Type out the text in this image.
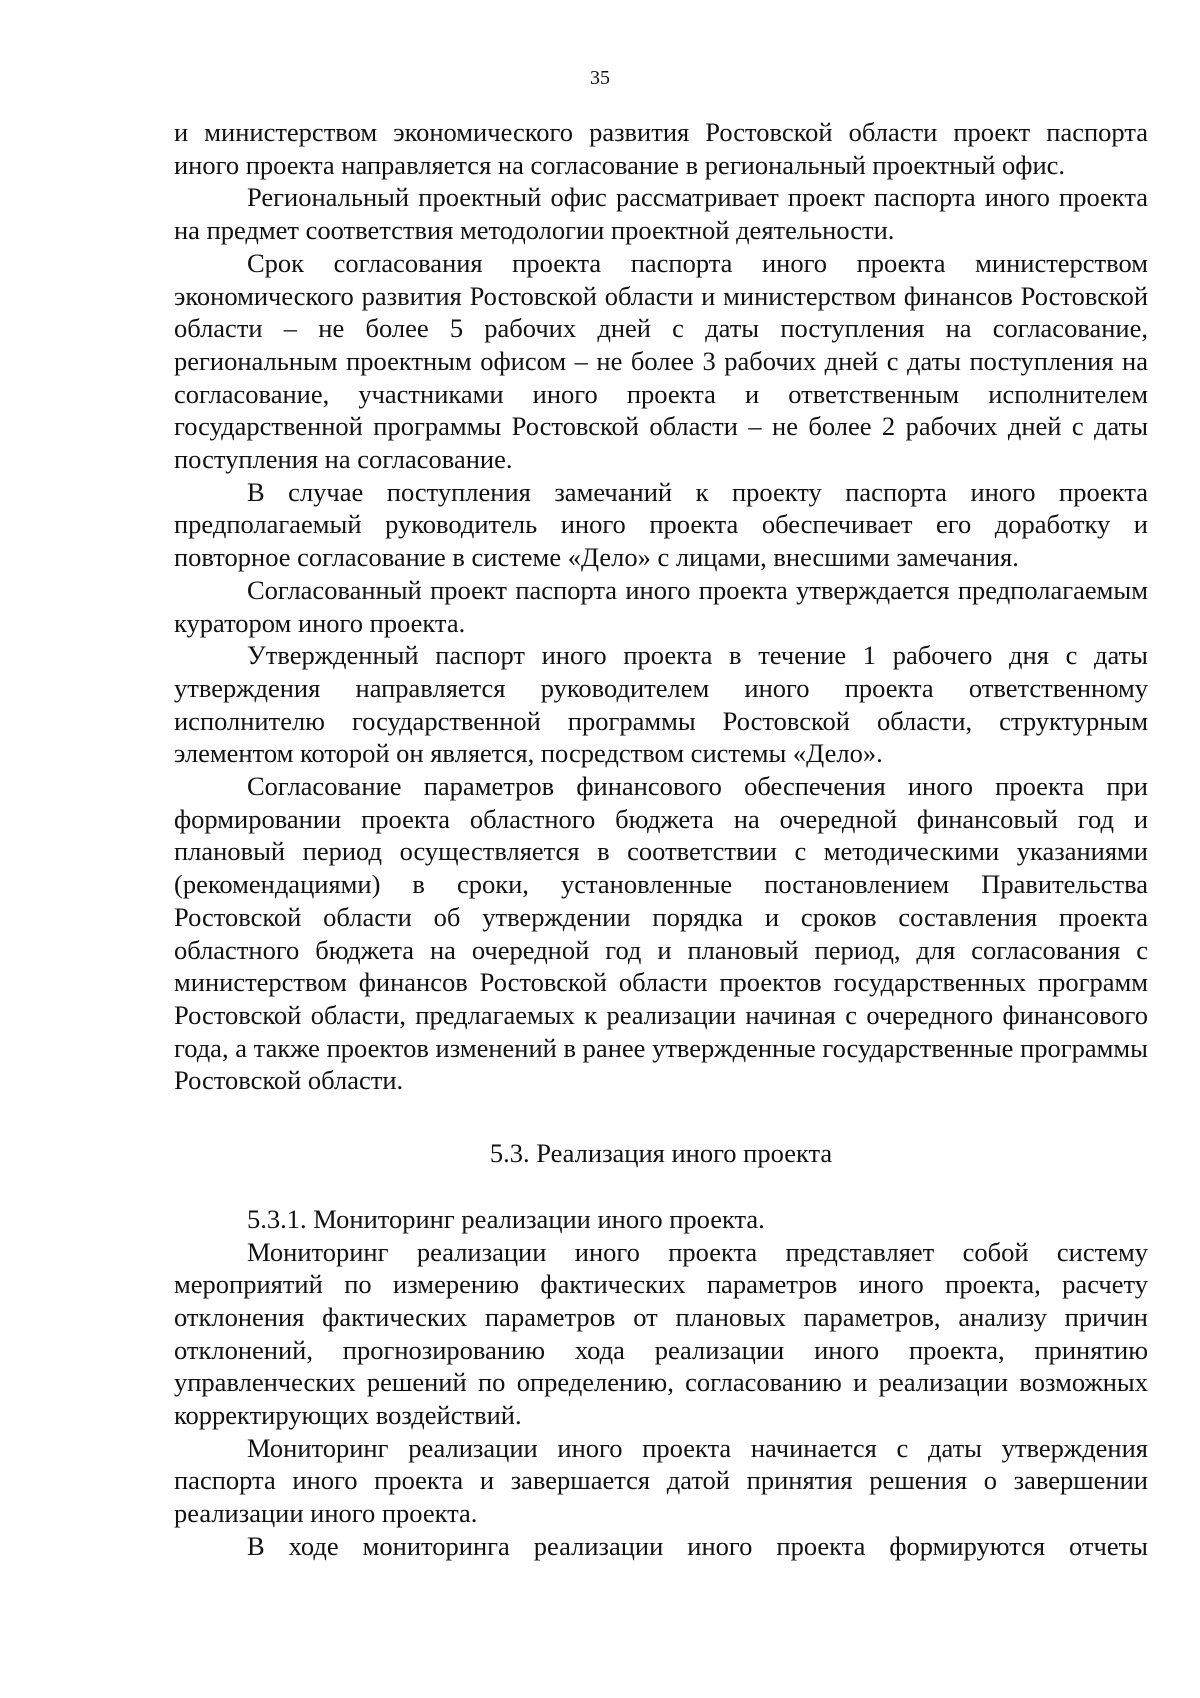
35

и министерством экономического развития Ростовской области проект паспорта иного проекта направляется на согласование в региональный проектный офис.

Региональный проектный офис рассматривает проект паспорта иного проекта на предмет соответствия методологии проектной деятельности.

Срок согласования проекта паспорта иного проекта министерством экономического развития Ростовской области и министерством финансов Ростовской области – не более 5 рабочих дней с даты поступления на согласование, региональным проектным офисом – не более 3 рабочих дней с даты поступления на согласование, участниками иного проекта и ответственным исполнителем государственной программы Ростовской области – не более 2 рабочих дней с даты поступления на согласование.

В случае поступления замечаний к проекту паспорта иного проекта предполагаемый руководитель иного проекта обеспечивает его доработку и повторное согласование в системе «Дело» с лицами, внесшими замечания.

Согласованный проект паспорта иного проекта утверждается предполагаемым куратором иного проекта.

Утвержденный паспорт иного проекта в течение 1 рабочего дня с даты утверждения направляется руководителем иного проекта ответственному исполнителю государственной программы Ростовской области, структурным элементом которой он является, посредством системы «Дело».

Согласование параметров финансового обеспечения иного проекта при формировании проекта областного бюджета на очередной финансовый год и плановый период осуществляется в соответствии с методическими указаниями (рекомендациями) в сроки, установленные постановлением Правительства Ростовской области об утверждении порядка и сроков составления проекта областного бюджета на очередной год и плановый период, для согласования с министерством финансов Ростовской области проектов государственных программ Ростовской области, предлагаемых к реализации начиная с очередного финансового года, а также проектов изменений в ранее утвержденные государственные программы Ростовской области.

5.3. Реализация иного проекта

5.3.1. Мониторинг реализации иного проекта.

Мониторинг реализации иного проекта представляет собой систему мероприятий по измерению фактических параметров иного проекта, расчету отклонения фактических параметров от плановых параметров, анализу причин отклонений, прогнозированию хода реализации иного проекта, принятию управленческих решений по определению, согласованию и реализации возможных корректирующих воздействий.

Мониторинг реализации иного проекта начинается с даты утверждения паспорта иного проекта и завершается датой принятия решения о завершении реализации иного проекта.

В ходе мониторинга реализации иного проекта формируются отчеты
